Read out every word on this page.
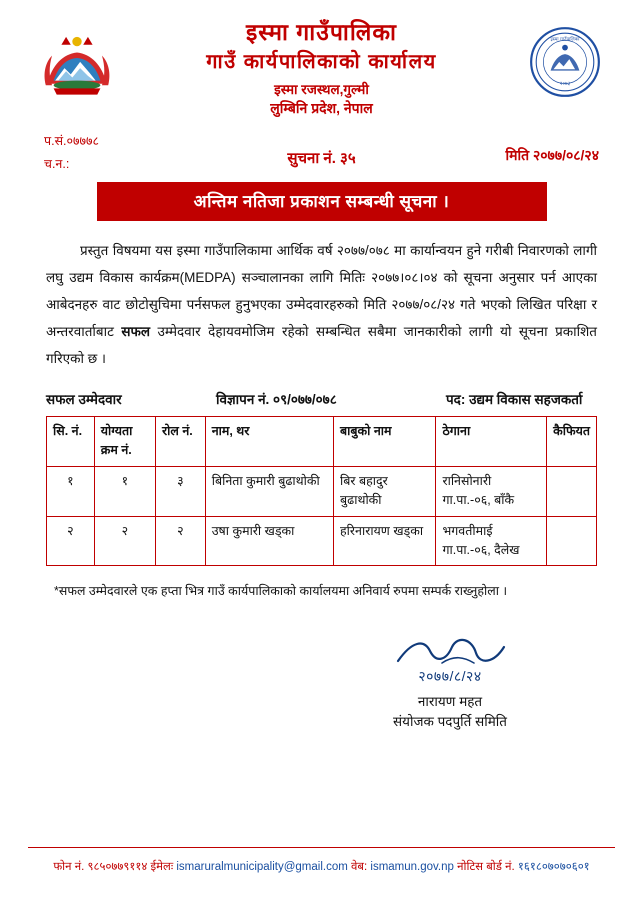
२०७३
इस्मा गाउँपालिका
इस्मा गाउँपालिका
गाउँ कार्यपालिकाको कार्यालय
इस्मा रजस्थल,गुल्मी
लुम्बिनि प्रदेश, नेपाल
प.सं.०७७७८
च.न.:	सुचना नं. ३५	मिति २०७७/०८/२४
अन्तिम नतिजा प्रकाशन सम्बन्धी सूचना ।
प्रस्तुत विषयमा यस इस्मा गाउँपालिकामा आर्थिक वर्ष २०७७/०७८ मा कार्यान्वयन हुने गरीबी निवारणको लागी लघु उद्यम विकास कार्यक्रम(MEDPA) सञ्चालानका लागि मितिः २०७७।०८।०४ को सूचना अनुसार पर्न आएका आबेदनहरु वाट छोटोसुचिमा पर्नसफल हुनुभएका उम्मेदवारहरुको मिति २०७७/०८/२४ गते भएको लिखित परिक्षा र अन्तरवार्ताबाट सफल उम्मेदवार देहायवमोजिम रहेको सम्बन्धित सबैमा जानकारीको लागी यो सूचना प्रकाशित गरिएको छ ।
सफल उम्मेदवार	विज्ञापन नं. ०९/०७७/०७८	पद: उद्यम विकास सहजकर्ता
सि. नं.	योग्यता क्रम नं.	रोल नं.	नाम, थर	बाबुको नाम	ठेगाना	कैफियत
१	१	३	बिनिता कुमारी बुढाथोकी	बिर बहादुर बुढाथोकी	रानिसोनारी गा.पा.-०६, बाँकै	
२	२	२	उषा कुमारी खड्का	हरिनारायण खड्का	भगवतीमाई गा.पा.-०६, दैलेख	
*सफल उम्मेदवारले एक हप्ता भित्र गाउँ कार्यपालिकाको कार्यालयमा अनिवार्य रुपमा सम्पर्क राख्नुहोला ।
२०७७/८/२४
नारायण महत
संयोजक पदपुर्ति समिति
फोन नं. ९८५०७७९११४ ईमेलः ismaruralmunicipality@gmail.com वेब: ismamun.gov.np नोटिस बोर्ड नं. १६१८०७०७०६०१
